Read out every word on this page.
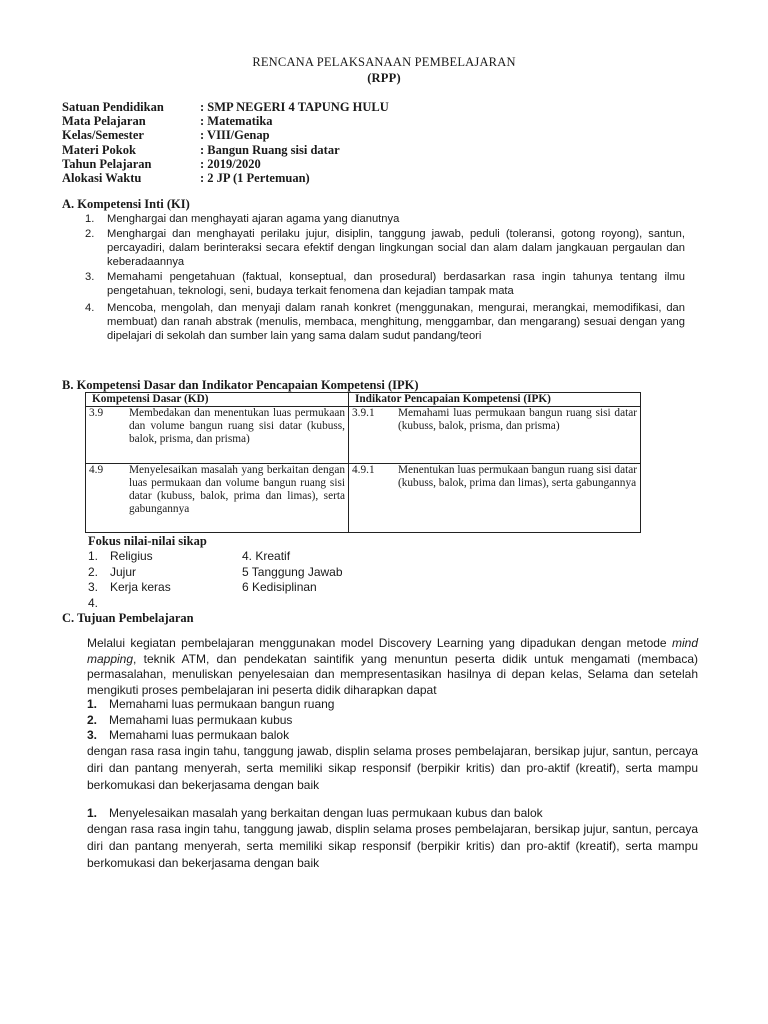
RENCANA PELAKSANAAN PEMBELAJARAN
(RPP)
Satuan Pendidikan	: SMP NEGERI 4 TAPUNG HULU
Mata Pelajaran	: Matematika
Kelas/Semester	: VIII/Genap
Materi Pokok	: Bangun Ruang sisi datar
Tahun Pelajaran	: 2019/2020
Alokasi Waktu	: 2 JP (1 Pertemuan)
A. Kompetensi Inti (KI)
1.	Menghargai dan menghayati ajaran agama yang dianutnya
2.	Menghargai dan menghayati perilaku jujur, disiplin, tanggung jawab, peduli (toleransi, gotong royong), santun, percayadiri, dalam berinteraksi secara efektif dengan lingkungan social dan alam dalam jangkauan pergaulan dan keberadaannya
3.	Memahami pengetahuan (faktual, konseptual, dan prosedural) berdasarkan rasa ingin tahunya tentang ilmu pengetahuan, teknologi, seni, budaya terkait fenomena dan kejadian tampak mata
4.	Mencoba, mengolah, dan menyaji dalam ranah konkret (menggunakan, mengurai, merangkai, memodifikasi, dan membuat) dan ranah abstrak (menulis, membaca, menghitung, menggambar, dan mengarang) sesuai dengan yang dipelajari di sekolah dan sumber lain yang sama dalam sudut pandang/teori
B. Kompetensi Dasar dan Indikator Pencapaian Kompetensi (IPK)
Kompetensi Dasar (KD)	Indikator Pencapaian Kompetensi (IPK)

3.9 Membedakan dan menentukan luas permukaan dan volume bangun ruang sisi datar (kubuss, balok, prisma, dan prisma)	3.9.1 Memahami luas permukaan bangun ruang sisi datar (kubuss, balok, prisma, dan prisma)

4.9 Menyelesaikan masalah yang berkaitan dengan luas permukaan dan volume bangun ruang sisi datar (kubuss, balok, prima dan limas), serta gabungannya	4.9.1 Menentukan luas permukaan bangun ruang sisi datar (kubuss, balok, prima dan limas), serta gabungannya
Fokus nilai-nilai sikap
1. Religius	4. Kreatif
2. Jujur	5 Tanggung Jawab
3. Kerja keras	6 Kedisiplinan
4.
C. Tujuan Pembelajaran
Melalui kegiatan pembelajaran menggunakan model Discovery Learning yang dipadukan dengan metode mind mapping, teknik ATM, dan pendekatan saintifik yang menuntun peserta didik untuk mengamati (membaca) permasalahan, menuliskan penyelesaian dan mempresentasikan hasilnya di depan kelas, Selama dan setelah mengikuti proses pembelajaran ini peserta didik diharapkan dapat
1. Memahami luas permukaan bangun ruang
2. Memahami luas permukaan kubus
3. Memahami luas permukaan balok
dengan rasa rasa ingin tahu, tanggung jawab, displin selama proses pembelajaran, bersikap jujur, santun, percaya diri dan pantang menyerah, serta memiliki sikap responsif (berpikir kritis) dan pro-aktif (kreatif), serta mampu berkomukasi dan bekerjasama dengan baik
1. Menyelesaikan masalah yang berkaitan dengan luas permukaan kubus dan balok
dengan rasa rasa ingin tahu, tanggung jawab, displin selama proses pembelajaran, bersikap jujur, santun, percaya diri dan pantang menyerah, serta memiliki sikap responsif (berpikir kritis) dan pro-aktif (kreatif), serta mampu berkomukasi dan bekerjasama dengan baik
